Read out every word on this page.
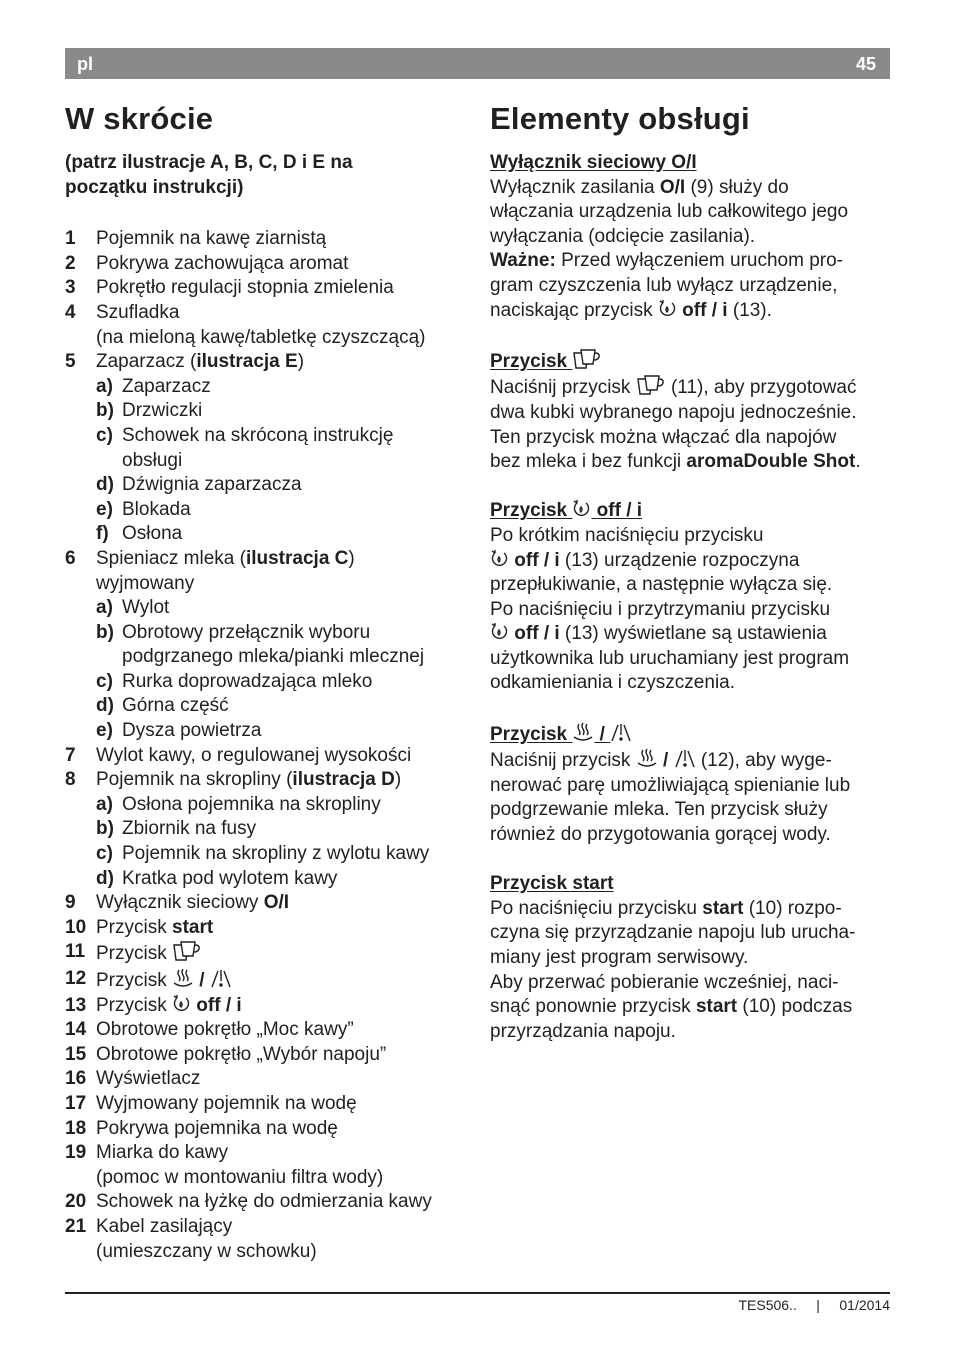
pl	45
W skrócie
(patrz ilustracje A, B, C, D i E na początku instrukcji)
1 Pojemnik na kawę ziarnistą
2 Pokrywa zachowująca aromat
3 Pokrętło regulacji stopnia zmielenia
4 Szufladka
(na mieloną kawę/tabletkę czyszczącą)
5 Zaparzacz (ilustracja E)
a) Zaparzacz
b) Drzwiczki
c) Schowek na skróconą instrukcję
obsługi
d) Dźwignia zaparzacza
e) Blokada
f) Osłona
6 Spieniacz mleka (ilustracja C)
wyjmowany
a) Wylot
b) Obrotowy przełącznik wyboru
podgrzanego mleka/pianki mlecznej
c) Rurka doprowadzająca mleko
d) Górna część
e) Dysza powietrza
7 Wylot kawy, o regulowanej wysokości
8 Pojemnik na skropliny (ilustracja D)
a) Osłona pojemnika na skropliny
b) Zbiornik na fusy
c) Pojemnik na skropliny z wylotu kawy
d) Kratka pod wylotem kawy
9 Wyłącznik sieciowy O/I
10 Przycisk start
11 Przycisk
12 Przycisk
/
13 Przycisk
off / i
14 Obrotowe pokrętło „Moc kawy”
15 Obrotowe pokrętło „Wybór napoju”
16 Wyświetlacz
17 Wyjmowany pojemnik na wodę
18 Pokrywa pojemnika na wodę
19 Miarka do kawy
(pomoc w montowaniu filtra wody)
20 Schowek na łyżkę do odmierzania kawy
21 Kabel zasilający
(umieszczany w schowku)
Elementy obsługi
Wyłącznik sieciowy O/I
Wyłącznik zasilania O/I (9) służy do
włączania urządzenia lub całkowitego jego
wyłączania (odcięcie zasilania).
Ważne: Przed wyłączeniem uruchom pro-
gram czyszczenia lub wyłącz urządzenie,
naciskając przycisk
off / i (13).
Przycisk
Naciśnij przycisk
(11), aby przygotować
dwa kubki wybranego napoju jednocześnie.
Ten przycisk można włączać dla napojów
bez mleka i bez funkcji aromaDouble Shot.
Przycisk
off / i
Po krótkim naciśnięciu przycisku
off / i (13) urządzenie rozpoczyna
przepłukiwanie, a następnie wyłącza się.
Po naciśnięciu i przytrzymaniu przycisku
off / i (13) wyświetlane są ustawienia
użytkownika lub uruchamiany jest program
odkamieniania i czyszczenia.
Przycisk
/
Naciśnij przycisk
/
(12), aby wyge-
nerować parę umożliwiającą spienianie lub
podgrzewanie mleka. Ten przycisk służy
również do przygotowania gorącej wody.
Przycisk start
Po naciśnięciu przycisku start (10) rozpo-
czyna się przyrządzanie napoju lub urucha-
miany jest program serwisowy.
Aby przerwać pobieranie wcześniej, naci-
snąć ponownie przycisk start (10) podczas
przyrządzania napoju.
TES506.. | 01/2014
